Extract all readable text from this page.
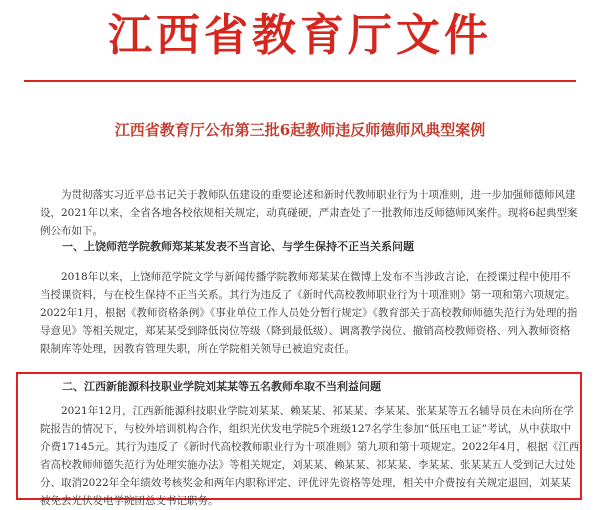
江西省教育厅文件
江西省教育厅公布第三批6起教师违反师德师风典型案例

为贯彻落实习近平总书记关于教师队伍建设的重要论述和新时代教师职业行为十项准则，进一步加强师德师风建设，2021年以来，全省各地各校依规相关规定，动真碰硬，严肃查处了一批教师违反师德师风案件。现将6起典型案例公布如下。

一、上饶师范学院教师郑某某发表不当言论、与学生保持不正当关系问题

2018年以来，上饶师范学院文学与新闻传播学院教师郑某某在微博上发布不当涉政言论，在授课过程中使用不当授课资料，与在校生保持不正当关系。其行为违反了《新时代高校教师职业行为十项准则》第一项和第六项规定。2022年1月，根据《教师资格条例》《事业单位工作人员处分暂行规定》《教育部关于高校教师师德失范行为处理的指导意见》等相关规定，郑某某受到降低岗位等级（降到最低级）、调离教学岗位、撤销高校教师资格、列入教师资格限制库等处理，因教育管理失职，所在学院相关领导已被追究责任。

二、江西新能源科技职业学院刘某某等五名教师牟取不当利益问题

2021年12月，江西新能源科技职业学院刘某某、赖某某、祁某某、李某某、张某某等五名辅导员在未向所在学院报告的情况下，与校外培训机构合作，组织光伏发电学院5个班级127名学生参加“低压电工证”考试，从中获取中介费17145元。其行为违反了《新时代高校教师职业行为十项准则》第九项和第十项规定。2022年4月，根据《江西省高校教师师德失范行为处理实施办法》等相关规定，刘某某、赖某某、祁某某、李某某、张某某五人受到记大过处分、取消2022年全年绩效考核奖金和两年内职称评定、评优评先资格等处理，相关中介费按有关规定退回，刘某某被免去光伏发电学院团总支书记职务。
